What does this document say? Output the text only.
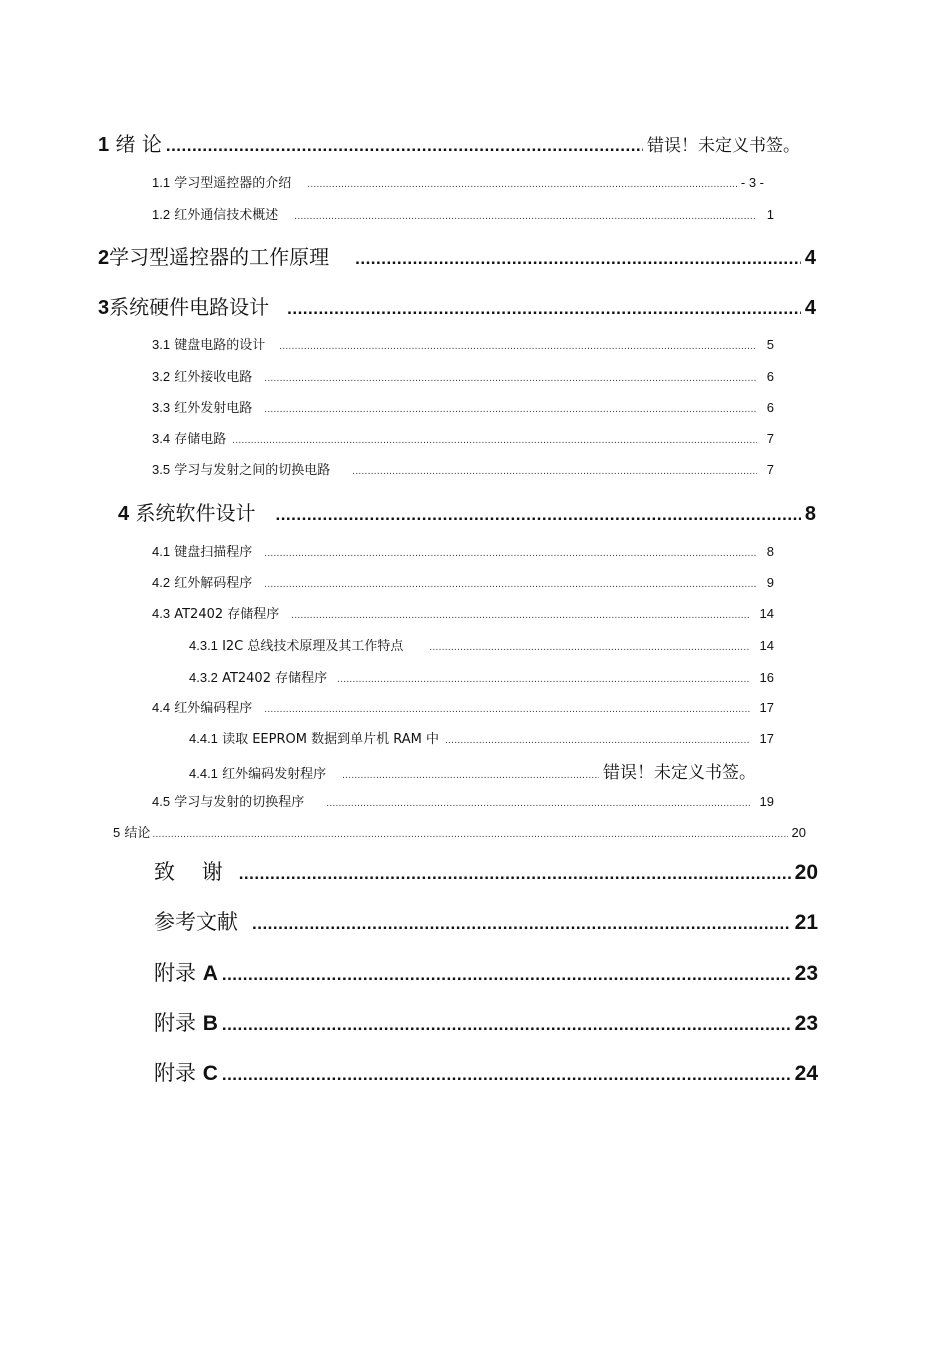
1 绪 论 .....	错误！未定义书签。
1.1 学习型遥控器的介绍 .....	- 3 -
1.2 红外通信技术概述 .....	1
2学习型遥控器的工作原理 .....	4
3系统硬件电路设计 .....	4
3.1 键盘电路的设计 .....	5
3.2 红外接收电路 .....	6
3.3 红外发射电路 .....	6
3.4 存储电路 .....	7
3.5 学习与发射之间的切换电路 .....	7
4 系统软件设计 .....	8
4.1 键盘扫描程序 .....	8
4.2 红外解码程序 .....	9
4.3 AT2402 存储程序 .....	14
4.3.1 I2C 总线技术原理及其工作特点 .....	14
4.3.2 AT2402 存储程序 .....	16
4.4 红外编码程序 .....	17
4.4.1 读取 EEPROM 数据到单片机 RAM 中 .....	17
4.4.1 红外编码发射程序 .....	错误！未定义书签。
4.5 学习与发射的切换程序 .....	19
5 结论 .....	20
致    谢 .....	20
参考文献 .....	21
附录 A .....	23
附录 B .....	23
附录 C .....	24
